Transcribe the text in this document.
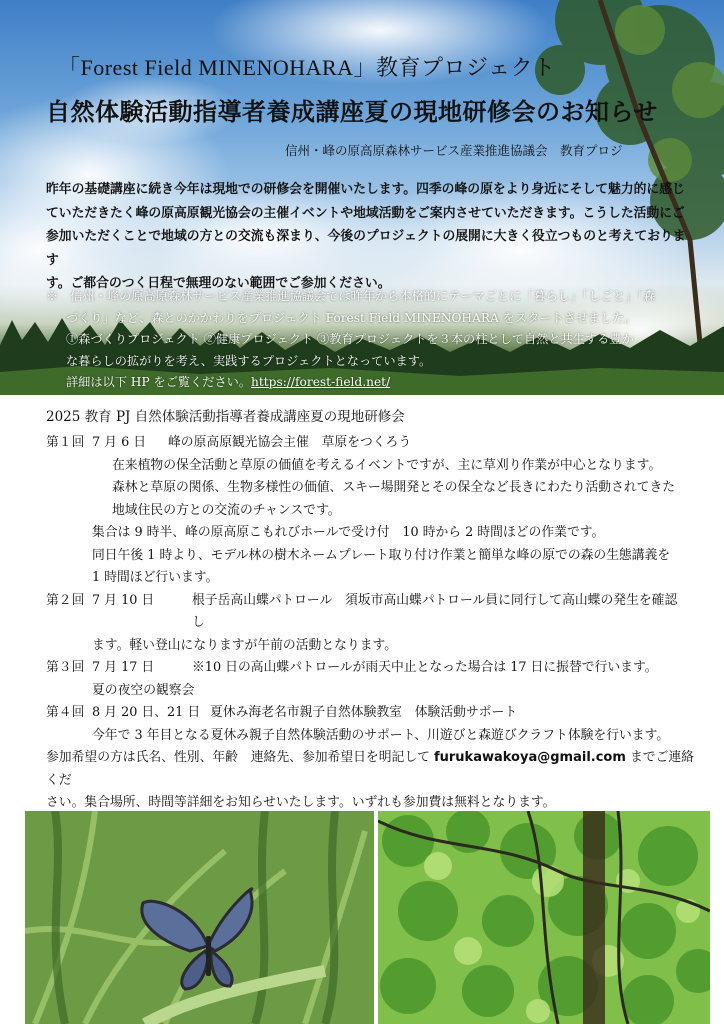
「Forest Field MINENOHARA」教育プロジェクト
自然体験活動指導者養成講座夏の現地研修会のお知らせ
信州・峰の原高原森林サービス産業推進協議会　教育プロジ
昨年の基礎講座に続き今年は現地での研修会を開催いたします。四季の峰の原をより身近にそして魅力的に感じ
ていただきたく峰の原高原観光協会の主催イベントや地域活動をご案内させていただきます。こうした活動にご
参加いただくことで地域の方との交流も深まり、今後のプロジェクトの展開に大きく役立つものと考えております
す。ご都合のつく日程で無理のない範囲でご参加ください。
※　信州・峰の原高原森林サービス産業推進協議会では昨年から本格的にテーマごとに「暮らし」「しごと」「森
づくり」など、森とのかかわりをプロジェクト Forest Field MINENOHARA をスタートさせました。
①森づくりプロジェクト ②健康プロジェクト ③教育プロジェクトを３本の柱として自然と共生する豊か
な暮らしの拡がりを考え、実践するプロジェクトとなっています。
詳細は以下 HP をご覧ください。https://forest-field.net/
2025 教育 PJ 自然体験活動指導者養成講座夏の現地研修会
第１回 7 月 6 日	峰の原高原観光協会主催　草原をつくろう
在来植物の保全活動と草原の価値を考えるイベントですが、主に草刈り作業が中心となります。
森林と草原の関係、生物多様性の価値、スキー場開発とその保全など長きにわたり活動されてきた
地域住民の方との交流のチャンスです。
集合は 9 時半、峰の原高原こもれびホールで受け付　10 時から 2 時間ほどの作業です。
同日午後 1 時より、モデル林の樹木ネームプレート取り付け作業と簡単な峰の原での森の生態講義を
1 時間ほど行います。
第２回 7 月 10 日	根子岳高山蝶パトロール　須坂市高山蝶パトロール員に同行して高山蝶の発生を確認し
ます。軽い登山になりますが午前の活動となります。
第３回 7 月 17 日	※10 日の高山蝶パトロールが雨天中止となった場合は 17 日に振替で行います。
夏の夜空の観察会
第４回 8 月 20 日、21 日 夏休み海老名市親子自然体験教室　体験活動サポート
今年で 3 年目となる夏休み親子自然体験活動のサポート、川遊びと森遊びクラフト体験を行います。
参加希望の方は氏名、性別、年齢　連絡先、参加希望日を明記して furukawakoya@gmail.com までご連絡くだ
さい。集合場所、時間等詳細をお知らせいたします。いずれも参加費は無料となります。
